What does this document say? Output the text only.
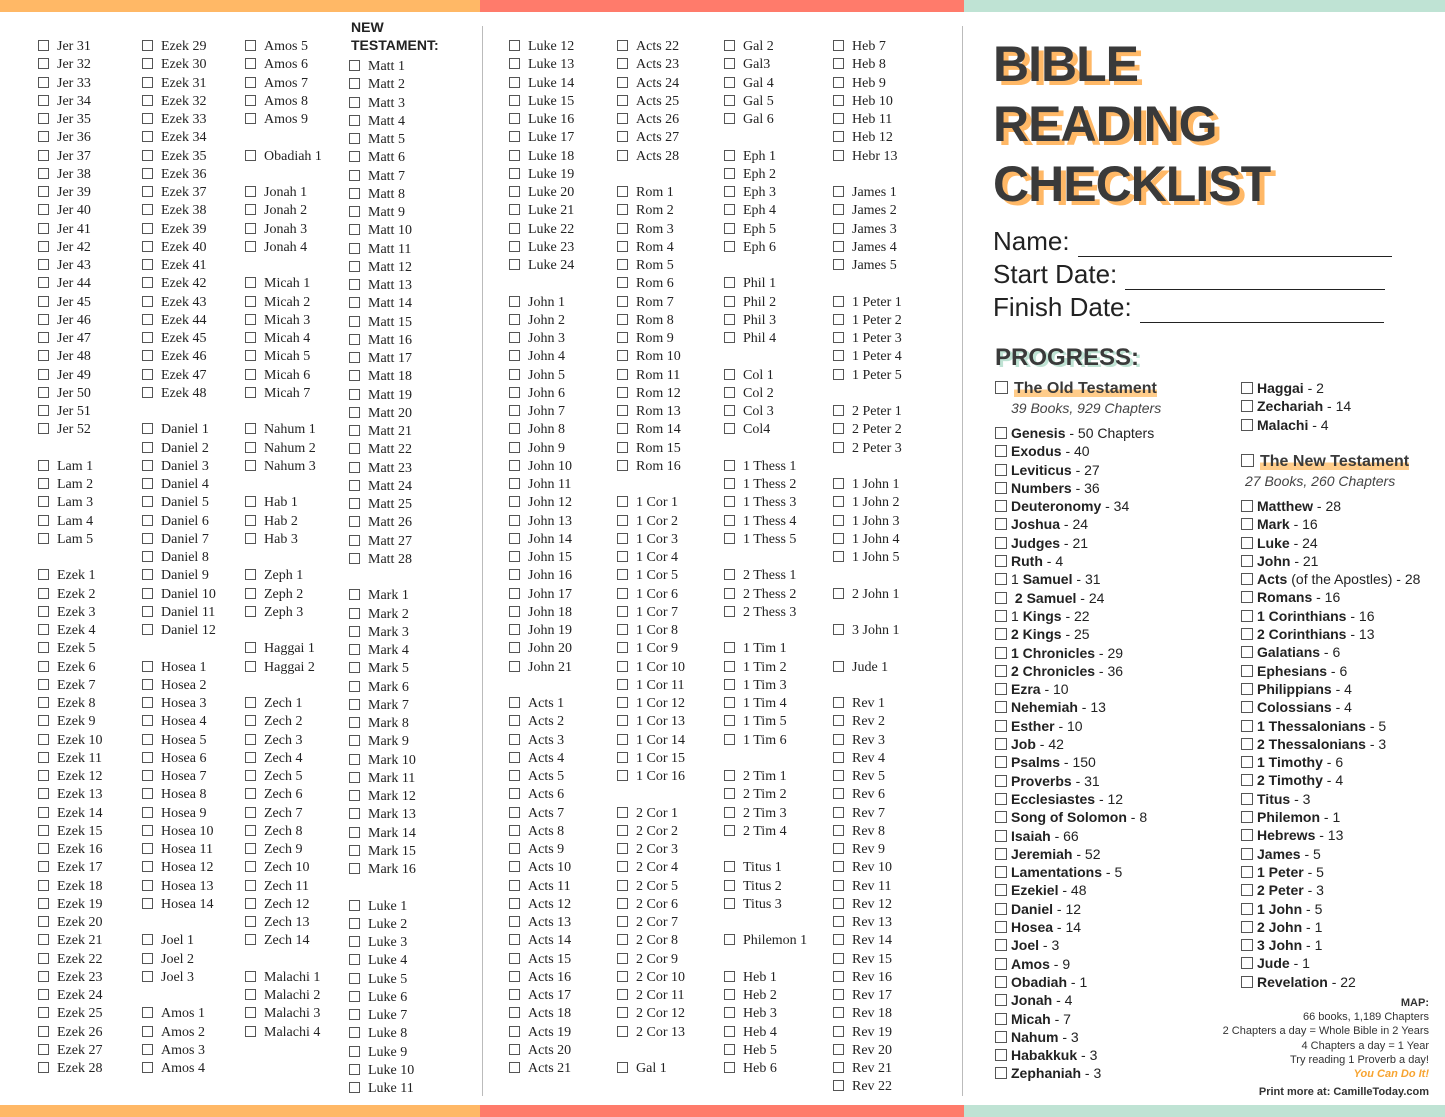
Jer 31
Jer 32
Jer 33
Jer 34
Jer 35
Jer 36
Jer 37
Jer 38
Jer 39
Jer 40
Jer 41
Jer 42
Jer 43
Jer 44
Jer 45
Jer 46
Jer 47
Jer 48
Jer 49
Jer 50
Jer 51
Jer 52
Lam 1
Lam 2
Lam 3
Lam 4
Lam 5
Ezek 1
Ezek 2
Ezek 3
Ezek 4
Ezek 5
Ezek 6
Ezek 7
Ezek 8
Ezek 9
Ezek 10
Ezek 11
Ezek 12
Ezek 13
Ezek 14
Ezek 15
Ezek 16
Ezek 17
Ezek 18
Ezek 19
Ezek 20
Ezek 21
Ezek 22
Ezek 23
Ezek 24
Ezek 25
Ezek 26
Ezek 27
Ezek 28
Ezek 29
Ezek 30
Ezek 31
Ezek 32
Ezek 33
Ezek 34
Ezek 35
Ezek 36
Ezek 37
Ezek 38
Ezek 39
Ezek 40
Ezek 41
Ezek 42
Ezek 43
Ezek 44
Ezek 45
Ezek 46
Ezek 47
Ezek 48
Daniel 1
Daniel 2
Daniel 3
Daniel 4
Daniel 5
Daniel 6
Daniel 7
Daniel 8
Daniel 9
Daniel 10
Daniel 11
Daniel 12
Hosea 1
Hosea 2
Hosea 3
Hosea 4
Hosea 5
Hosea 6
Hosea 7
Hosea 8
Hosea 9
Hosea 10
Hosea 11
Hosea 12
Hosea 13
Hosea 14
Joel 1
Joel 2
Joel 3
Amos 1
Amos 2
Amos 3
Amos 4
Amos 5
Amos 6
Amos 7
Amos 8
Amos 9
Obadiah 1
Jonah 1
Jonah 2
Jonah 3
Jonah 4
Micah 1
Micah 2
Micah 3
Micah 4
Micah 5
Micah 6
Micah 7
Nahum 1
Nahum 2
Nahum 3
Hab 1
Hab 2
Hab 3
Zeph 1
Zeph 2
Zeph 3
Haggai 1
Haggai 2
Zech 1
Zech 2
Zech 3
Zech 4
Zech 5
Zech 6
Zech 7
Zech 8
Zech 9
Zech 10
Zech 11
Zech 12
Zech 13
Zech 14
Malachi 1
Malachi 2
Malachi 3
Malachi 4
NEW
TESTAMENT:
Matt 1
Matt 2
Matt 3
Matt 4
Matt 5
Matt 6
Matt 7
Matt 8
Matt 9
Matt 10
Matt 11
Matt 12
Matt 13
Matt 14
Matt 15
Matt 16
Matt 17
Matt 18
Matt 19
Matt 20
Matt 21
Matt 22
Matt 23
Matt 24
Matt 25
Matt 26
Matt 27
Matt 28
Mark 1
Mark 2
Mark 3
Mark 4
Mark 5
Mark 6
Mark 7
Mark 8
Mark 9
Mark 10
Mark 11
Mark 12
Mark 13
Mark 14
Mark 15
Mark 16
Luke 1
Luke 2
Luke 3
Luke 4
Luke 5
Luke 6
Luke 7
Luke 8
Luke 9
Luke 10
Luke 11
Luke 12
Luke 13
Luke 14
Luke 15
Luke 16
Luke 17
Luke 18
Luke 19
Luke 20
Luke 21
Luke 22
Luke 23
Luke 24
John 1
John 2
John 3
John 4
John 5
John 6
John 7
John 8
John 9
John 10
John 11
John 12
John 13
John 14
John 15
John 16
John 17
John 18
John 19
John 20
John 21
Acts 1
Acts 2
Acts 3
Acts 4
Acts 5
Acts 6
Acts 7
Acts 8
Acts 9
Acts 10
Acts 11
Acts 12
Acts 13
Acts 14
Acts 15
Acts 16
Acts 17
Acts 18
Acts 19
Acts 20
Acts 21
Acts 22
Acts 23
Acts 24
Acts 25
Acts 26
Acts 27
Acts 28
Rom 1
Rom 2
Rom 3
Rom 4
Rom 5
Rom 6
Rom 7
Rom 8
Rom 9
Rom 10
Rom 11
Rom 12
Rom 13
Rom 14
Rom 15
Rom 16
1 Cor 1
1 Cor 2
1 Cor 3
1 Cor 4
1 Cor 5
1 Cor 6
1 Cor 7
1 Cor 8
1 Cor 9
1 Cor 10
1 Cor 11
1 Cor 12
1 Cor 13
1 Cor 14
1 Cor 15
1 Cor 16
2 Cor 1
2 Cor 2
2 Cor 3
2 Cor 4
2 Cor 5
2 Cor 6
2 Cor 7
2 Cor 8
2 Cor 9
2 Cor 10
2 Cor 11
2 Cor 12
2 Cor 13
Gal 1
Gal 2
Gal3
Gal 4
Gal 5
Gal 6
Eph 1
Eph 2
Eph 3
Eph 4
Eph 5
Eph 6
Phil 1
Phil 2
Phil 3
Phil 4
Col 1
Col 2
Col 3
Col4
1 Thess 1
1 Thess 2
1 Thess 3
1 Thess 4
1 Thess 5
2 Thess 1
2 Thess 2
2 Thess 3
1 Tim 1
1 Tim 2
1 Tim 3
1 Tim 4
1 Tim 5
1 Tim 6
2 Tim 1
2 Tim 2
2 Tim 3
2 Tim 4
Titus 1
Titus 2
Titus 3
Philemon 1
Heb 1
Heb 2
Heb 3
Heb 4
Heb 5
Heb 6
Heb 7
Heb 8
Heb 9
Heb 10
Heb 11
Heb 12
Hebr 13
James 1
James 2
James 3
James 4
James 5
1 Peter 1
1 Peter 2
1 Peter 3
1 Peter 4
1 Peter 5
2 Peter 1
2 Peter 2
2 Peter 3
1 John 1
1 John 2
1 John 3
1 John 4
1 John 5
2 John 1
3 John 1
Jude 1
Rev 1
Rev 2
Rev 3
Rev 4
Rev 5
Rev 6
Rev 7
Rev 8
Rev 9
Rev 10
Rev 11
Rev 12
Rev 13
Rev 14
Rev 15
Rev 16
Rev 17
Rev 18
Rev 19
Rev 20
Rev 21
Rev 22
BIBLE
READING
CHECKLIST
Name:
Start Date:
Finish Date:
PROGRESS:
The Old Testament
39 Books, 929 Chapters
Genesis - 50 Chapters
Exodus - 40
Leviticus - 27
Numbers - 36
Deuteronomy - 34
Joshua - 24
Judges - 21
Ruth - 4
1 Samuel - 31
2 Samuel - 24
1 Kings - 22
2 Kings - 25
1 Chronicles - 29
2 Chronicles - 36
Ezra - 10
Nehemiah - 13
Esther - 10
Job - 42
Psalms - 150
Proverbs - 31
Ecclesiastes - 12
Song of Solomon - 8
Isaiah - 66
Jeremiah - 52
Lamentations - 5
Ezekiel - 48
Daniel - 12
Hosea - 14
Joel - 3
Amos - 9
Obadiah - 1
Jonah - 4
Micah - 7
Nahum - 3
Habakkuk - 3
Zephaniah - 3
Haggai - 2
Zechariah - 14
Malachi - 4
The New Testament
27 Books, 260 Chapters
Matthew - 28
Mark - 16
Luke - 24
John - 21
Acts (of the Apostles) - 28
Romans - 16
1 Corinthians - 16
2 Corinthians - 13
Galatians - 6
Ephesians - 6
Philippians - 4
Colossians - 4
1 Thessalonians - 5
2 Thessalonians - 3
1 Timothy - 6
2 Timothy - 4
Titus - 3
Philemon - 1
Hebrews - 13
James - 5
1 Peter - 5
2 Peter - 3
1 John - 5
2 John - 1
3 John - 1
Jude - 1
Revelation - 22
MAP:
66 books, 1,189 Chapters
2 Chapters a day = Whole Bible in 2 Years
4 Chapters a day = 1 Year
Try reading 1 Proverb a day!
You Can Do It!
Print more at: CamilleToday.com
